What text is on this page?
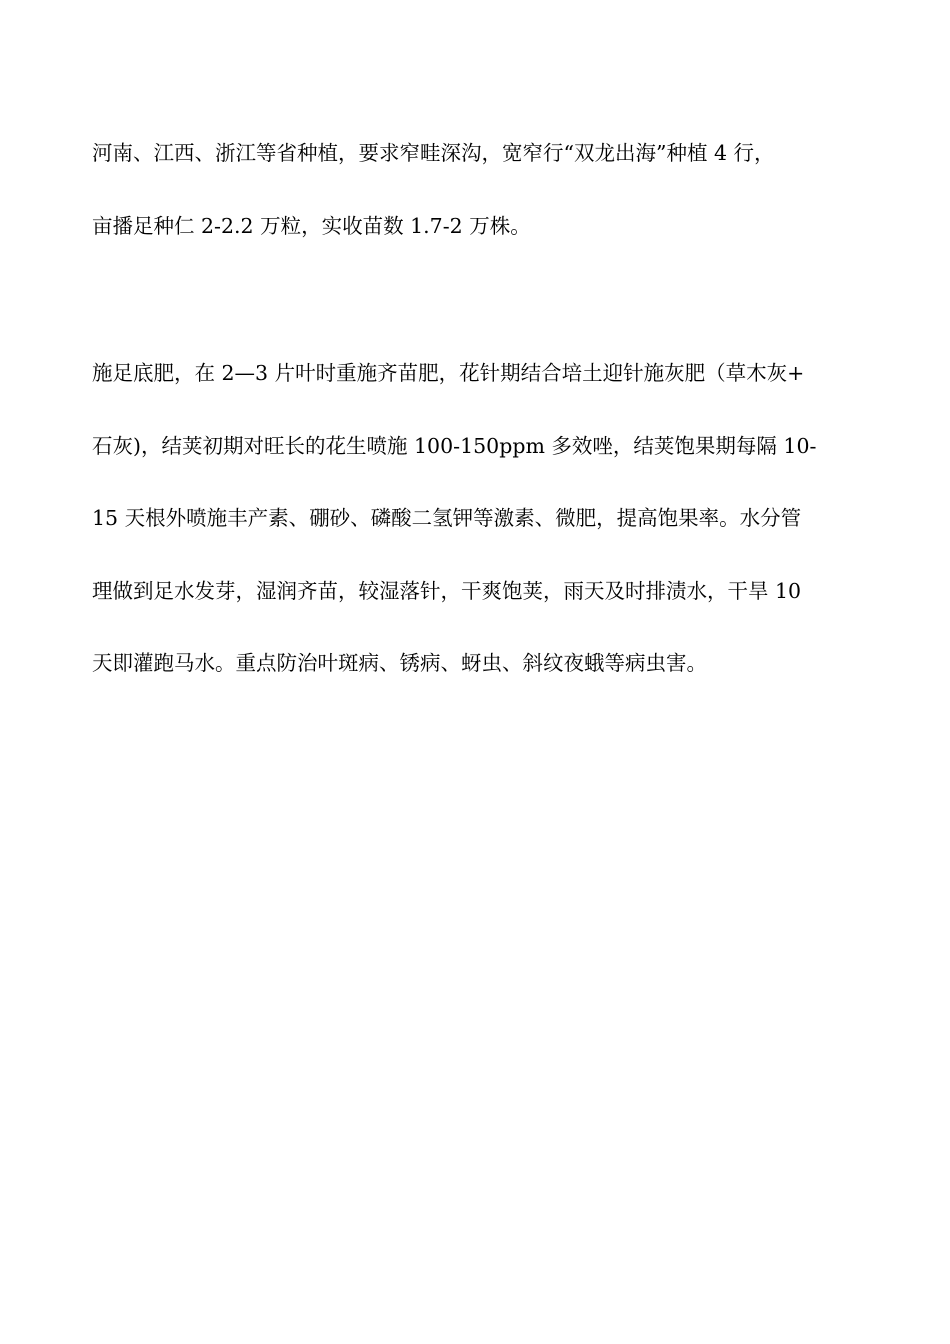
河南、江西、浙江等省种植，要求窄畦深沟，宽窄行“双龙出海”种植 4 行，
亩播足种仁 2-2.2 万粒，实收苗数 1.7-2 万株。
施足底肥，在 2—3 片叶时重施齐苗肥，花针期结合培土迎针施灰肥（草木灰+
石灰)，结荚初期对旺长的花生喷施 100-150ppm 多效唑，结荚饱果期每隔 10-
15 天根外喷施丰产素、硼砂、磷酸二氢钾等激素、微肥，提高饱果率。水分管
理做到足水发芽，湿润齐苗，较湿落针，干爽饱荚，雨天及时排渍水，干旱 10
天即灌跑马水。重点防治叶斑病、锈病、蚜虫、斜纹夜蛾等病虫害。
